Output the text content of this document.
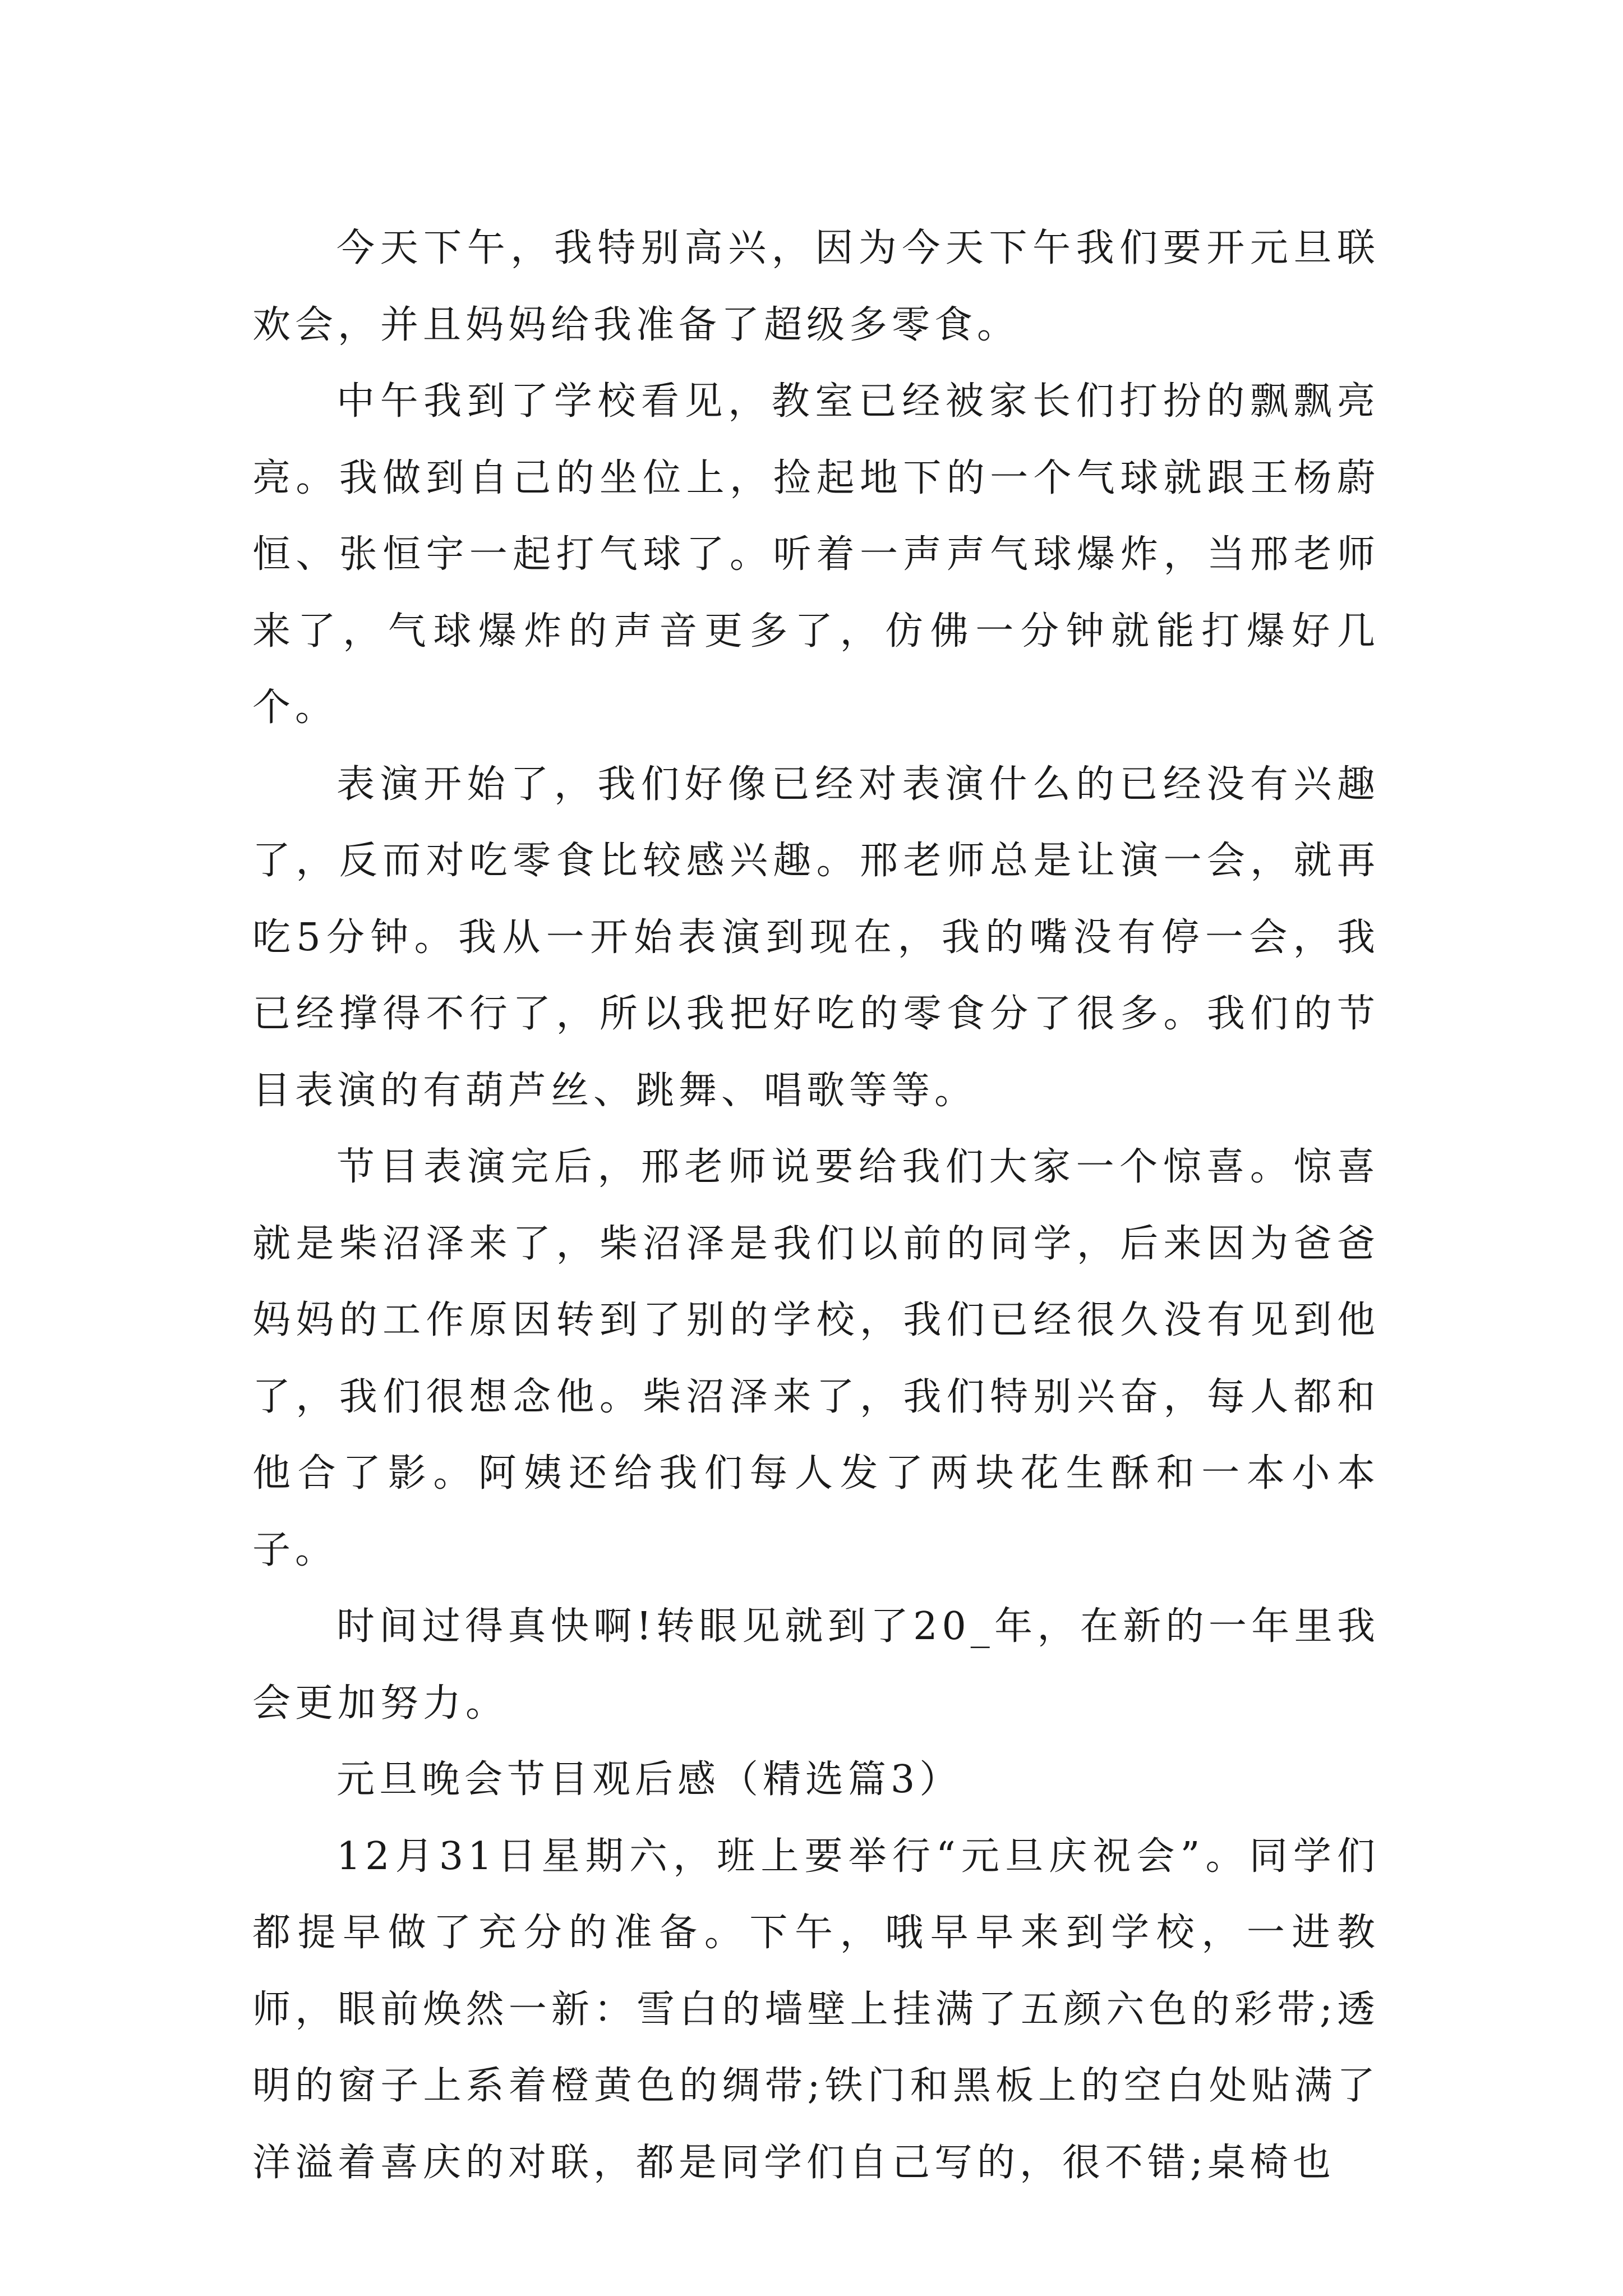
今天下午，我特别高兴，因为今天下午我们要开元旦联欢会，并且妈妈给我准备了超级多零食。

中午我到了学校看见，教室已经被家长们打扮的飘飘亮亮。我做到自己的坐位上，捡起地下的一个气球就跟王杨蔚恒、张恒宇一起打气球了。听着一声声气球爆炸，当邢老师来了，气球爆炸的声音更多了，仿佛一分钟就能打爆好几个。

表演开始了，我们好像已经对表演什么的已经没有兴趣了，反而对吃零食比较感兴趣。邢老师总是让演一会，就再吃5分钟。我从一开始表演到现在，我的嘴没有停一会，我已经撑得不行了，所以我把好吃的零食分了很多。我们的节目表演的有葫芦丝、跳舞、唱歌等等。

节目表演完后，邢老师说要给我们大家一个惊喜。惊喜就是柴沼泽来了，柴沼泽是我们以前的同学，后来因为爸爸妈妈的工作原因转到了别的学校，我们已经很久没有见到他了，我们很想念他。柴沼泽来了，我们特别兴奋，每人都和他合了影。阿姨还给我们每人发了两块花生酥和一本小本子。

时间过得真快啊!转眼见就到了20_年，在新的一年里我会更加努力。

元旦晚会节目观后感（精选篇3）

12月31日星期六，班上要举行“元旦庆祝会”。同学们都提早做了充分的准备。下午，哦早早来到学校，一进教师，眼前焕然一新：雪白的墙壁上挂满了五颜六色的彩带;透明的窗子上系着橙黄色的绸带;铁门和黑板上的空白处贴满了洋溢着喜庆的对联，都是同学们自己写的，很不错;桌椅也
